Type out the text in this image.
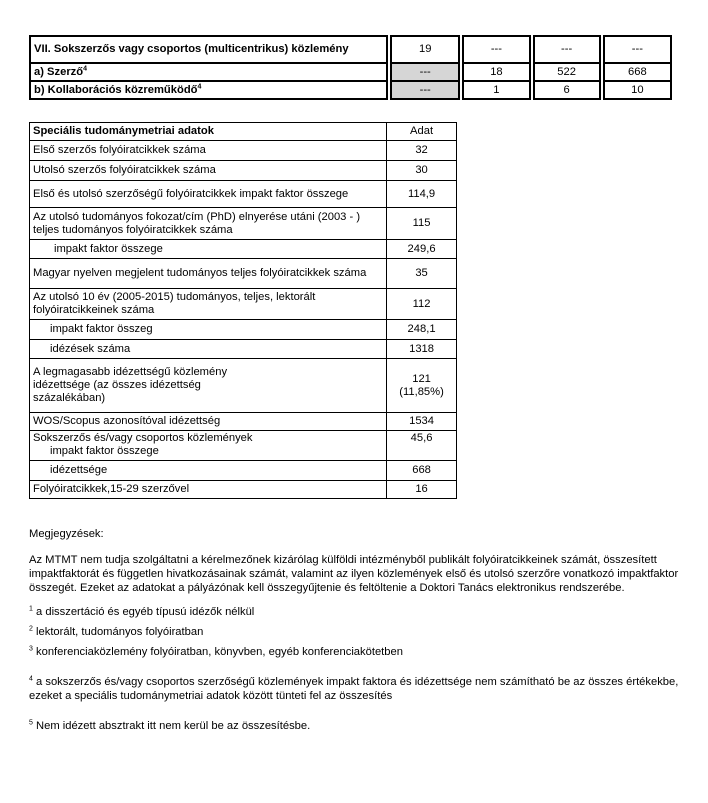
VII. Sokszerzős vagy csoportos (multicentrikus) közlemény		19		---		---		---
a) Szerző$^4$		---		18		522		668
b) Kollaborációs közreműködő$^4$		---		1		6		10
Speciális tudománymetriai adatok	Adat
Első szerzős folyóiratcikkek száma	32
Utolsó szerzős folyóiratcikkek száma	30
Első és utolsó szerzőségű folyóiratcikkek impakt faktor összege	114,9
Az utolsó tudományos fokozat/cím (PhD) elnyerése utáni (2003 - ) teljes tudományos folyóiratcikkek száma	115
impakt faktor összege	249,6
Magyar nyelven megjelent tudományos teljes folyóiratcikkek száma	35
Az utolsó 10 év (2005-2015) tudományos, teljes, lektorált folyóiratcikkeinek száma	112
impakt faktor összeg	248,1
idézések száma	1318

A legmagasabb idézettségű közlemény idézettsége (az összes idézettség százalékában)	121
(11,85%)

WOS/Scopus azonosítóval idézettség	1534

Sokszerzős és/vagy csoportos közlemények
impakt faktor összege	45,6
idézettsége	668
Folyóiratcikkek,15-29 szerzővel	16

Megjegyzések:

Az MTMT nem tudja szolgáltatni a kérelmezőnek kizárólag külföldi intézményből publikált folyóiratcikkeinek számát, összesített impaktfaktorát és független hivatkozásainak számát, valamint az ilyen közlemények első és utolsó szerzőre vonatkozó impaktfaktor összegét. Ezeket az adatokat a pályázónak kell összegyűjtenie és feltöltenie a Doktori Tanács elektronikus rendszerébe.

$^1$ a disszertáció és egyéb típusú idézők nélkül

$^2$ lektorált, tudományos folyóiratban

$^3$ konferenciaközlemény folyóiratban, könyvben, egyéb konferenciakötetben

$^4$ a sokszerzős és/vagy csoportos szerzőségű közlemények impakt faktora és idézettsége nem számítható be az összes értékekbe, ezeket a speciális tudománymetriai adatok között tünteti fel az összesítés

$^5$ Nem idézett absztrakt itt nem kerül be az összesítésbe.
